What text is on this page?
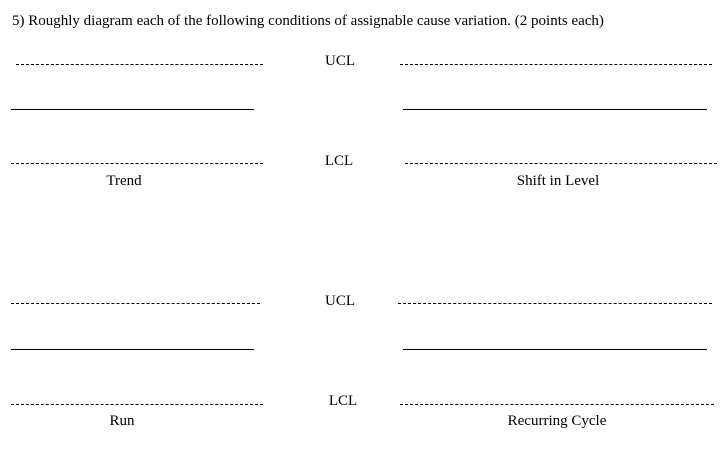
5) Roughly diagram each of the following conditions of assignable cause variation. (2 points each)
UCL
LCL
Trend	Shift in Level
UCL
LCL
Run	Recurring Cycle
